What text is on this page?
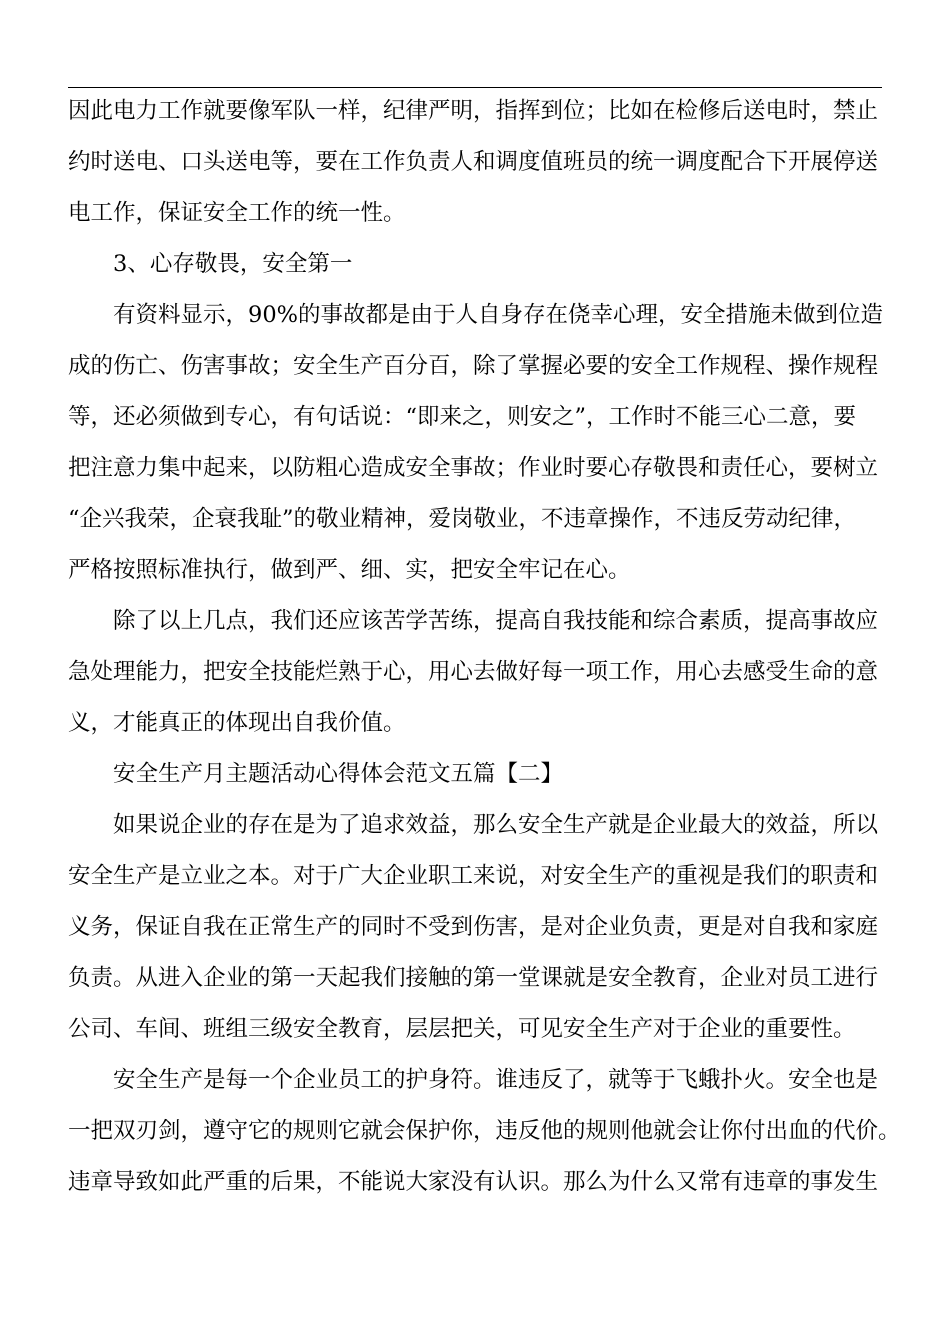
因此电力工作就要像军队一样，纪律严明，指挥到位；比如在检修后送电时，禁止
约时送电、口头送电等，要在工作负责人和调度值班员的统一调度配合下开展停送
电工作，保证安全工作的统一性。
3、心存敬畏，安全第一
有资料显示，90%的事故都是由于人自身存在侥幸心理，安全措施未做到位造
成的伤亡、伤害事故；安全生产百分百，除了掌握必要的安全工作规程、操作规程
等，还必须做到专心，有句话说：“即来之，则安之”，工作时不能三心二意，要
把注意力集中起来，以防粗心造成安全事故；作业时要心存敬畏和责任心，要树立
“企兴我荣，企衰我耻”的敬业精神，爱岗敬业，不违章操作，不违反劳动纪律，
严格按照标准执行，做到严、细、实，把安全牢记在心。
除了以上几点，我们还应该苦学苦练，提高自我技能和综合素质，提高事故应
急处理能力，把安全技能烂熟于心，用心去做好每一项工作，用心去感受生命的意
义，才能真正的体现出自我价值。
安全生产月主题活动心得体会范文五篇【二】
如果说企业的存在是为了追求效益，那么安全生产就是企业最大的效益，所以
安全生产是立业之本。对于广大企业职工来说，对安全生产的重视是我们的职责和
义务，保证自我在正常生产的同时不受到伤害，是对企业负责，更是对自我和家庭
负责。从进入企业的第一天起我们接触的第一堂课就是安全教育，企业对员工进行
公司、车间、班组三级安全教育，层层把关，可见安全生产对于企业的重要性。
安全生产是每一个企业员工的护身符。谁违反了，就等于飞蛾扑火。安全也是
一把双刃剑，遵守它的规则它就会保护你，违反他的规则他就会让你付出血的代价。
违章导致如此严重的后果，不能说大家没有认识。那么为什么又常有违章的事发生
